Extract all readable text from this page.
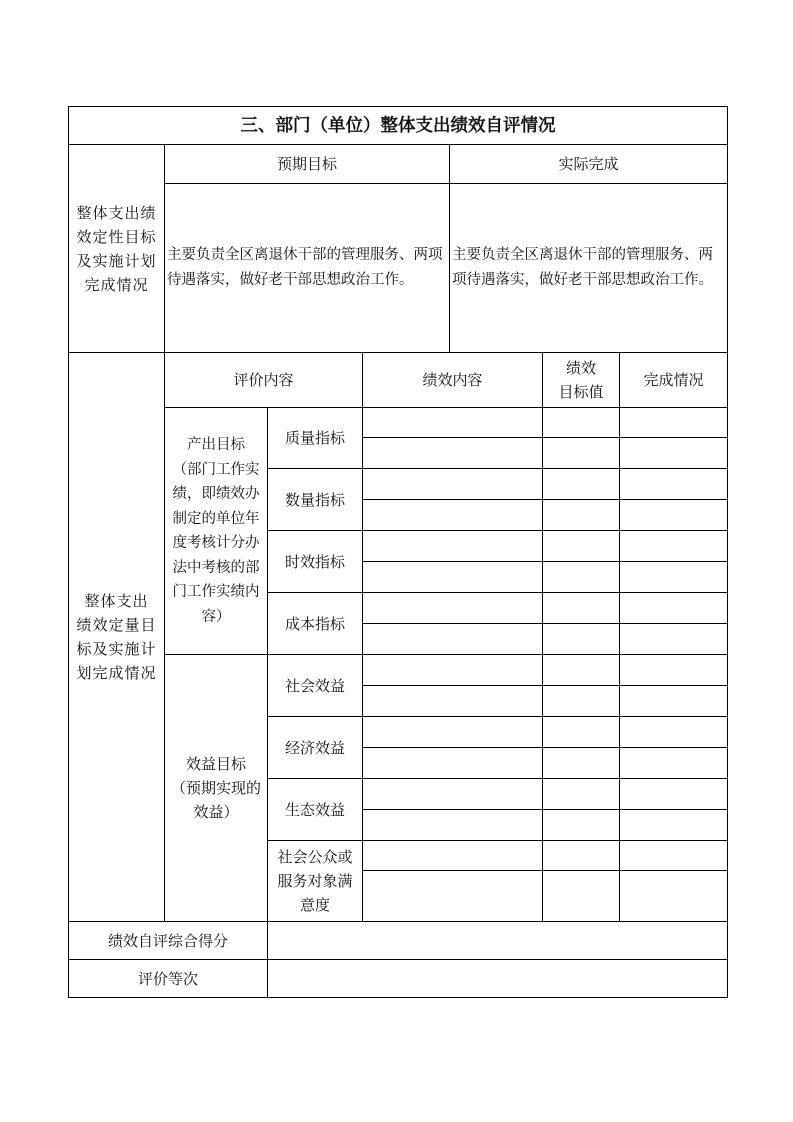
三、部门（单位）整体支出绩效自评情况
整体支出绩
效定性目标
及实施计划
完成情况
预期目标	实际完成
主要负责全区离退休干部的管理服务、两项待遇落实，做好老干部思想政治工作。
主要负责全区离退休干部的管理服务、两项待遇落实，做好老干部思想政治工作。
整体支出
绩效定量目
标及实施计
划完成情况
评价内容	绩效内容
绩效
目标值
完成情况
产出目标
（部门工作实
绩，即绩效办
制定的单位年
度考核计分办
法中考核的部
门工作实绩内
容）
质量指标
数量指标
时效指标
成本指标
效益目标
（预期实现的
效益）
社会效益
经济效益
生态效益
社会公众或
服务对象满
意度
绩效自评综合得分
评价等次
